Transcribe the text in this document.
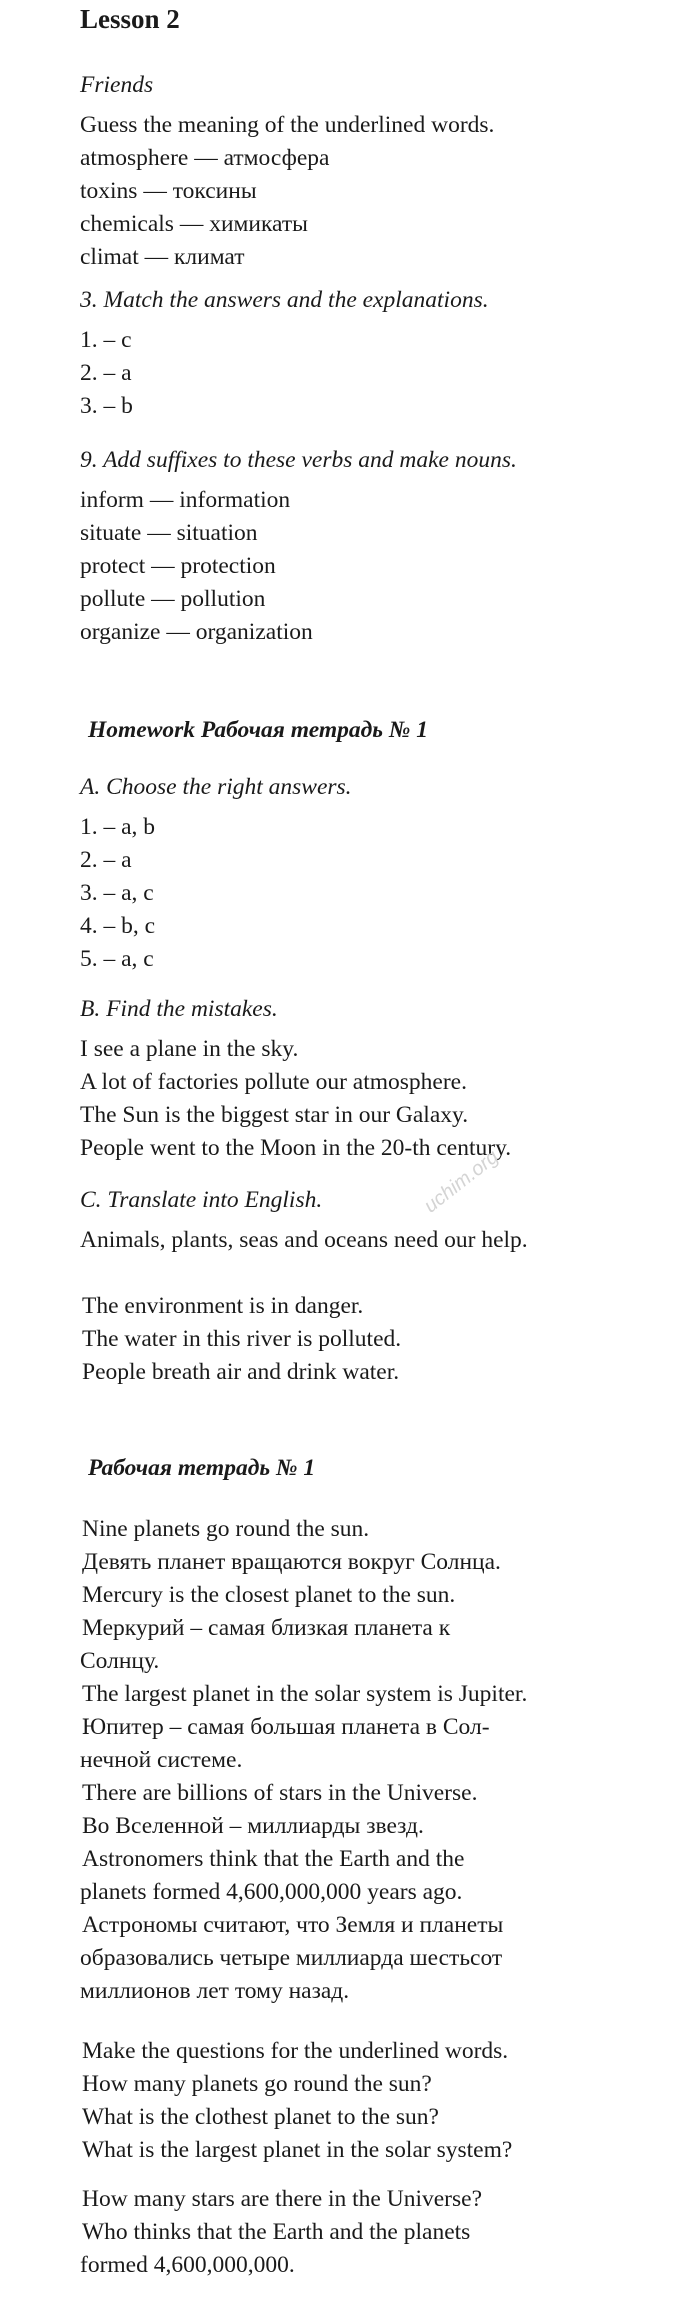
Lesson 2
Friends
Guess the meaning of the underlined words.
atmosphere — атмосфера
toxins — токсины
chemicals — химикаты
climat — климат
3. Match the answers and the explanations.
1. – c
2. – a
3. – b
9. Add suffixes to these verbs and make nouns.
inform — information
situate — situation
protect — protection
pollute — pollution
organize — organization
Homework Рабочая тетрадь № 1
A. Choose the right answers.
1. – a, b
2. – a
3. – a, c
4. – b, c
5. – a, c
B. Find the mistakes.
I see a plane in the sky.
A lot of factories pollute our atmosphere.
The Sun is the biggest star in our Galaxy.
People went to the Moon in the 20-th century.
C. Translate into English.
Animals, plants, seas and oceans need our help.
The environment is in danger.
The water in this river is polluted.
People breath air and drink water.
Рабочая тетрадь № 1
Nine planets go round the sun.
Девять планет вращаются вокруг Солнца.
Mercury is the closest planet to the sun.
Меркурий – самая близкая планета к
Солнцу.
The largest planet in the solar system is Jupiter.
Юпитер – самая большая планета в Сол-
нечной системе.
There are billions of stars in the Universe.
Во Вселенной – миллиарды звезд.
Astronomers think that the Earth and the
planets formed 4,600,000,000 years ago.
Астрономы считают, что Земля и планеты
образовались четыре миллиарда шестьсот
миллионов лет тому назад.
Make the questions for the underlined words.
How many planets go round the sun?
What is the clothest planet to the sun?
What is the largest planet in the solar system?
How many stars are there in the Universe?
Who thinks that the Earth and the planets
formed 4,600,000,000.
uchim.org
